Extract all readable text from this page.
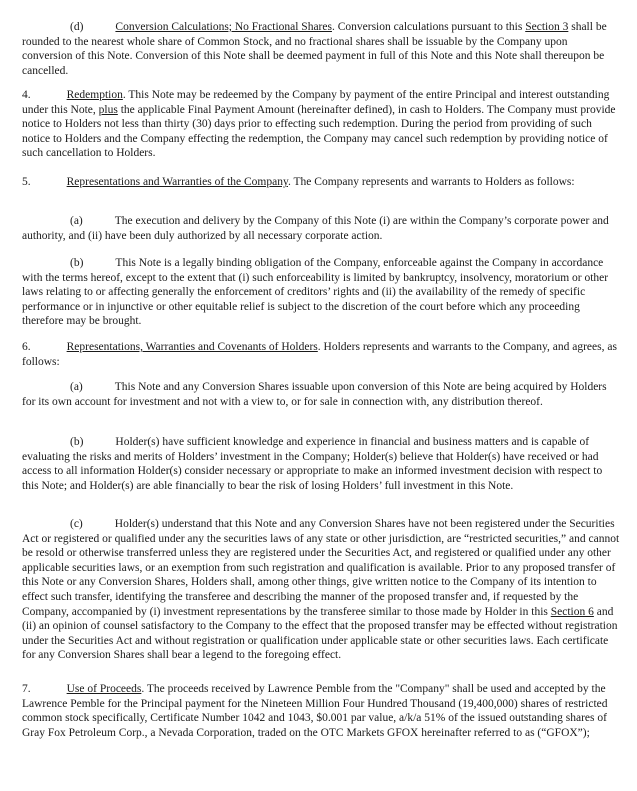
(d)	Conversion Calculations; No Fractional Shares. Conversion calculations pursuant to this Section 3 shall be rounded to the nearest whole share of Common Stock, and no fractional shares shall be issuable by the Company upon conversion of this Note. Conversion of this Note shall be deemed payment in full of this Note and this Note shall thereupon be cancelled.

4.	Redemption. This Note may be redeemed by the Company by payment of the entire Principal and interest outstanding under this Note, plus the applicable Final Payment Amount (hereinafter defined), in cash to Holders. The Company must provide notice to Holders not less than thirty (30) days prior to effecting such redemption. During the period from providing of such notice to Holders and the Company effecting the redemption, the Company may cancel such redemption by providing notice of such cancellation to Holders.

5.	Representations and Warranties of the Company. The Company represents and warrants to Holders as follows:

(a)	The execution and delivery by the Company of this Note (i) are within the Company’s corporate power and authority, and (ii) have been duly authorized by all necessary corporate action.

(b)	This Note is a legally binding obligation of the Company, enforceable against the Company in accordance with the terms hereof, except to the extent that (i) such enforceability is limited by bankruptcy, insolvency, moratorium or other laws relating to or affecting generally the enforcement of creditors’ rights and (ii) the availability of the remedy of specific performance or in injunctive or other equitable relief is subject to the discretion of the court before which any proceeding therefore may be brought.

6.	Representations, Warranties and Covenants of Holders. Holders represents and warrants to the Company, and agrees, as follows:

(a)	This Note and any Conversion Shares issuable upon conversion of this Note are being acquired by Holders for its own account for investment and not with a view to, or for sale in connection with, any distribution thereof.

(b)	Holder(s) have sufficient knowledge and experience in financial and business matters and is capable of evaluating the risks and merits of Holders’ investment in the Company; Holder(s) believe that Holder(s) have received or had access to all information Holder(s) consider necessary or appropriate to make an informed investment decision with respect to this Note; and Holder(s) are able financially to bear the risk of losing Holders’ full investment in this Note.

(c)	Holder(s) understand that this Note and any Conversion Shares have not been registered under the Securities Act or registered or qualified under any the securities laws of any state or other jurisdiction, are “restricted securities,” and cannot be resold or otherwise transferred unless they are registered under the Securities Act, and registered or qualified under any other applicable securities laws, or an exemption from such registration and qualification is available. Prior to any proposed transfer of this Note or any Conversion Shares, Holders shall, among other things, give written notice to the Company of its intention to effect such transfer, identifying the transferee and describing the manner of the proposed transfer and, if requested by the Company, accompanied by (i) investment representations by the transferee similar to those made by Holder in this Section 6 and (ii) an opinion of counsel satisfactory to the Company to the effect that the proposed transfer may be effected without registration under the Securities Act and without registration or qualification under applicable state or other securities laws. Each certificate for any Conversion Shares shall bear a legend to the foregoing effect.

7.	Use of Proceeds. The proceeds received by Lawrence Pemble from the "Company" shall be used and accepted by the Lawrence Pemble for the Principal payment for the Nineteen Million Four Hundred Thousand (19,400,000) shares of restricted common stock specifically, Certificate Number 1042 and 1043, $0.001 par value, a/k/a 51% of the issued outstanding shares of Gray Fox Petroleum Corp., a Nevada Corporation, traded on the OTC Markets GFOX hereinafter referred to as (“GFOX”);
